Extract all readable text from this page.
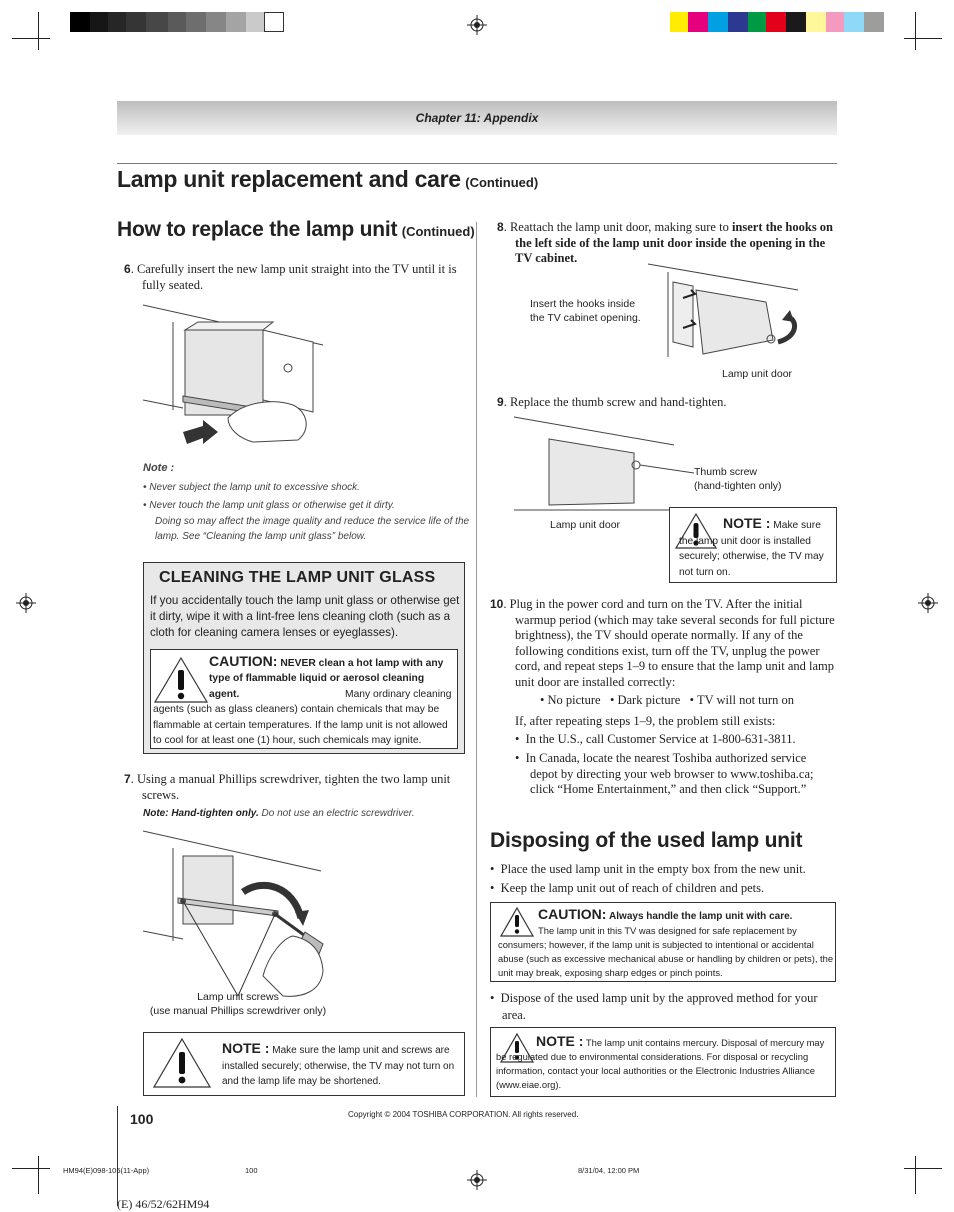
Chapter 11: Appendix
Lamp unit replacement and care (Continued)
How to replace the lamp unit (Continued)
6. Carefully insert the new lamp unit straight into the TV until it is fully seated.
Note :
• Never subject the lamp unit to excessive shock.
• Never touch the lamp unit glass or otherwise get it dirty.
Doing so may affect the image quality and reduce the service life of the lamp. See “Cleaning the lamp unit glass” below.
CLEANING THE LAMP UNIT GLASS
If you accidentally touch the lamp unit glass or otherwise get it dirty, wipe it with a lint-free lens cleaning cloth (such as a cloth for cleaning camera lenses or eyeglasses).
CAUTION: NEVER clean a hot lamp with any type of flammable liquid or aerosol cleaning agent.	Many ordinary cleaning agents (such as glass cleaners) contain chemicals that may be flammable at certain temperatures. If the lamp unit is not allowed to cool for at least one (1) hour, such chemicals may ignite.
7. Using a manual Phillips screwdriver, tighten the two lamp unit screws.
Note: Hand-tighten only. Do not use an electric screwdriver.
Lamp unit screws
(use manual Phillips screwdriver only)
NOTE : Make sure the lamp unit and screws are installed securely; otherwise, the TV may not turn on and the lamp life may be shortened.
8. Reattach the lamp unit door, making sure to insert the hooks on the left side of the lamp unit door inside the opening in the TV cabinet.
Insert the hooks inside
the TV cabinet opening.
Lamp unit door
9. Replace the thumb screw and hand-tighten.
Thumb screw
(hand-tighten only)
Lamp unit door	NOTE : Make sure the lamp unit door is installed securely; otherwise, the TV may not turn on.
10. Plug in the power cord and turn on the TV. After the initial warmup period (which may take several seconds for full picture brightness), the TV should operate normally. If any of the following conditions exist, turn off the TV, unplug the power cord, and repeat steps 1–9 to ensure that the lamp unit and lamp unit door are installed correctly:
• No picture   • Dark picture   • TV will not turn on
If, after repeating steps 1–9, the problem still exists:
•  In the U.S., call Customer Service at 1-800-631-3811.
•  In Canada, locate the nearest Toshiba authorized service depot by directing your web browser to www.toshiba.ca; click “Home Entertainment,” and then click “Support.”
Disposing of the used lamp unit
•  Place the used lamp unit in the empty box from the new unit.
•  Keep the lamp unit out of reach of children and pets.
CAUTION: Always handle the lamp unit with care.
The lamp unit in this TV was designed for safe replacement by consumers; however, if the lamp unit is subjected to intentional or accidental abuse (such as excessive mechanical abuse or handling by children or pets), the unit may break, exposing sharp edges or pinch points.
•  Dispose of the used lamp unit by the approved method for your area.
NOTE : The lamp unit contains mercury. Disposal of mercury may be regulated due to environmental considerations. For disposal or recycling information, contact your local authorities or the Electronic Industries Alliance (www.eiae.org).
100	Copyright © 2004 TOSHIBA CORPORATION. All rights reserved.
HM94(E)098-105(11-App)	100	8/31/04, 12:00 PM
(E) 46/52/62HM94
